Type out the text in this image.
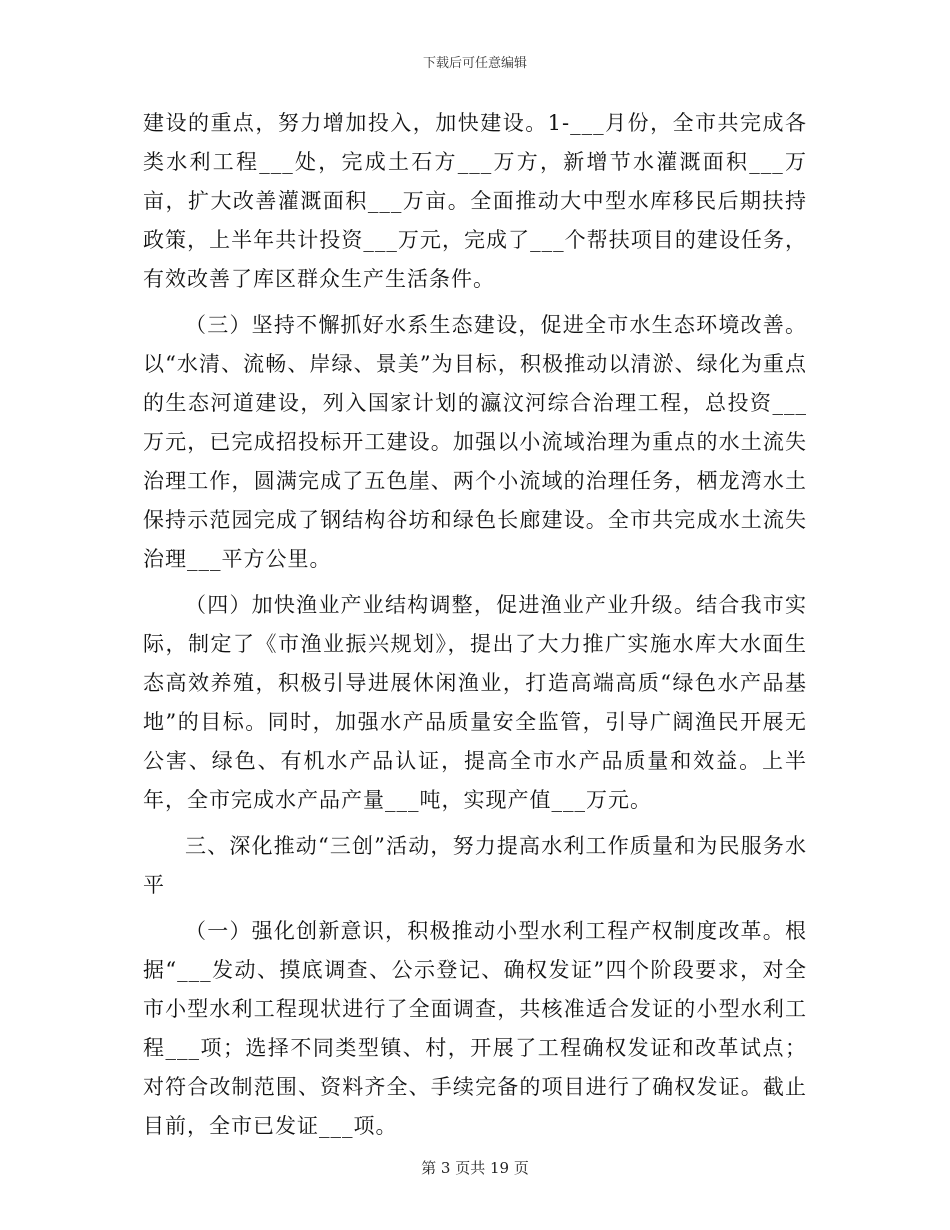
下载后可任意编辑

建设的重点，努力增加投入，加快建设。1-___月份，全市共完成各类水利工程___处，完成土石方___万方，新增节水灌溉面积___万亩，扩大改善灌溉面积___万亩。全面推动大中型水库移民后期扶持政策，上半年共计投资___万元，完成了___个帮扶项目的建设任务，有效改善了库区群众生产生活条件。

（三）坚持不懈抓好水系生态建设，促进全市水生态环境改善。以“水清、流畅、岸绿、景美”为目标，积极推动以清淤、绿化为重点的生态河道建设，列入国家计划的瀛汶河综合治理工程，总投资___万元，已完成招投标开工建设。加强以小流域治理为重点的水土流失治理工作，圆满完成了五色崖、两个小流域的治理任务，栖龙湾水土保持示范园完成了钢结构谷坊和绿色长廊建设。全市共完成水土流失治理___平方公里。

（四）加快渔业产业结构调整，促进渔业产业升级。结合我市实际，制定了《市渔业振兴规划》，提出了大力推广实施水库大水面生态高效养殖，积极引导进展休闲渔业，打造高端高质“绿色水产品基地”的目标。同时，加强水产品质量安全监管，引导广阔渔民开展无公害、绿色、有机水产品认证，提高全市水产品质量和效益。上半年，全市完成水产品产量___吨，实现产值___万元。

三、深化推动“三创”活动，努力提高水利工作质量和为民服务水平

（一）强化创新意识，积极推动小型水利工程产权制度改革。根据“___发动、摸底调查、公示登记、确权发证”四个阶段要求，对全市小型水利工程现状进行了全面调查，共核准适合发证的小型水利工程___项；选择不同类型镇、村，开展了工程确权发证和改革试点；对符合改制范围、资料齐全、手续完备的项目进行了确权发证。截止目前，全市已发证___项。

第 3 页共 19 页
